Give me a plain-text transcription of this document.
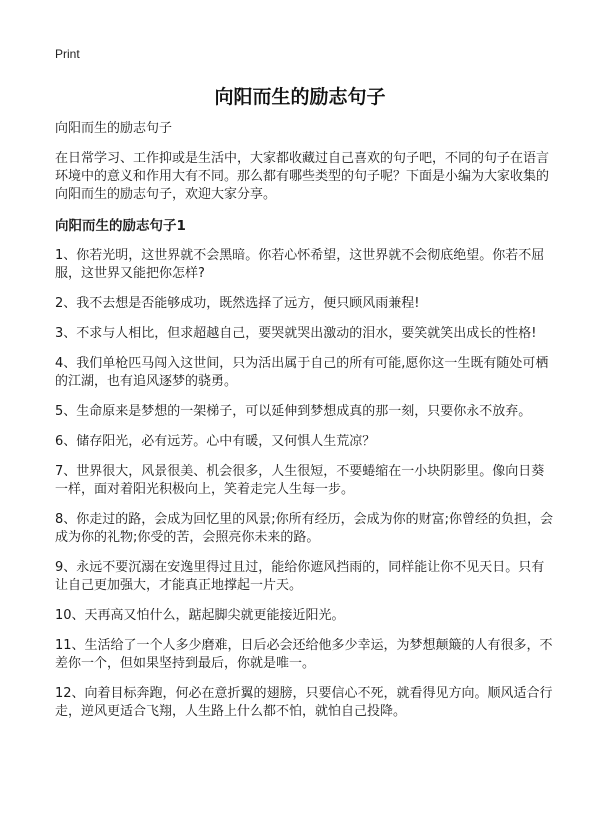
Print
向阳而生的励志句子

向阳而生的励志句子

在日常学习、工作抑或是生活中，大家都收藏过自己喜欢的句子吧，不同的句子在语言环境中的意义和作用大有不同。那么都有哪些类型的句子呢？下面是小编为大家收集的向阳而生的励志句子，欢迎大家分享。

向阳而生的励志句子1
1、你若光明，这世界就不会黑暗。你若心怀希望，这世界就不会彻底绝望。你若不屈服，这世界又能把你怎样?
2、我不去想是否能够成功，既然选择了远方，便只顾风雨兼程!
3、不求与人相比，但求超越自己，要哭就哭出激动的泪水，要笑就笑出成长的性格!
4、我们单枪匹马闯入这世间，只为活出属于自己的所有可能,愿你这一生既有随处可栖的江湖，也有追风逐梦的骁勇。
5、生命原来是梦想的一架梯子，可以延伸到梦想成真的那一刻，只要你永不放弃。
6、储存阳光，必有远芳。心中有暖，又何惧人生荒凉？
7、世界很大，风景很美、机会很多，人生很短，不要蜷缩在一小块阴影里。像向日葵一样，面对着阳光积极向上，笑着走完人生每一步。
8、你走过的路，会成为回忆里的风景;你所有经历，会成为你的财富;你曾经的负担，会成为你的礼物;你受的苦，会照亮你未来的路。
9、永远不要沉溺在安逸里得过且过，能给你遮风挡雨的，同样能让你不见天日。只有让自己更加强大，才能真正地撑起一片天。
10、天再高又怕什么，踮起脚尖就更能接近阳光。
11、生活给了一个人多少磨难，日后必会还给他多少幸运，为梦想颠簸的人有很多，不差你一个，但如果坚持到最后，你就是唯一。
12、向着目标奔跑，何必在意折翼的翅膀，只要信心不死，就看得见方向。顺风适合行走，逆风更适合飞翔，人生路上什么都不怕，就怕自己投降。
